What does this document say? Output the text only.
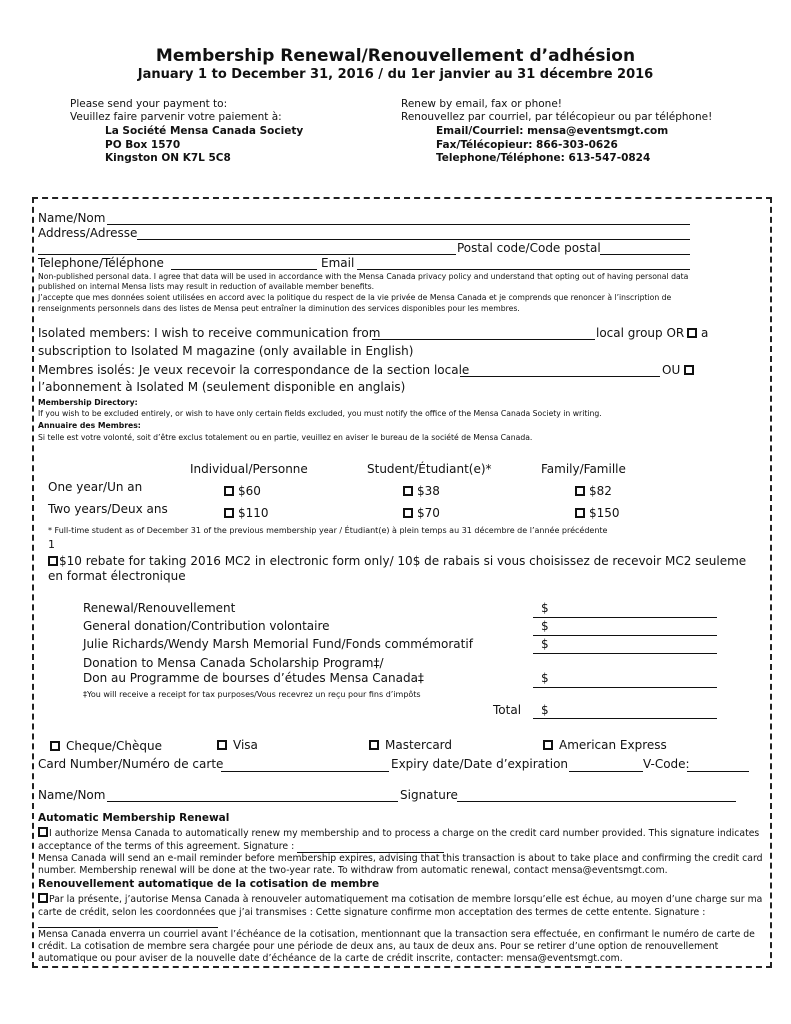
Membership Renewal/Renouvellement d’adhésion
January 1 to December 31, 2016 / du 1er janvier au 31 décembre 2016
Please send your payment to:
Veuillez faire parvenir votre paiement à:
La Société Mensa Canada Society
PO Box 1570
Kingston ON K7L 5C8
Renew by email, fax or phone!
Renouvellez par courriel, par télécopieur ou par téléphone!
Email/Courriel: mensa@eventsmgt.com
Fax/Télécopieur: 866-303-0626
Telephone/Téléphone: 613-547-0824
Name/Nom
Address/Adresse
Postal code/Code postal
Telephone/Téléphone	Email
Non-published personal data. I agree that data will be used in accordance with the Mensa Canada privacy policy and understand that opting out of having personal data
published on internal Mensa lists may result in reduction of available member benefits.
J’accepte que mes données soient utilisées en accord avec la politique du respect de la vie privée de Mensa Canada et je comprends que renoncer à l’inscription de
renseignments personnels dans des listes de Mensa peut entraîner la diminution des services disponibles pour les membres.
Isolated members: I wish to receive communication from	local group OR	a
subscription to Isolated M magazine (only available in English)
Membres isolés: Je veux recevoir la correspondance de la section locale	OU
l’abonnement à Isolated M (seulement disponible en anglais)
Membership Directory:
If you wish to be excluded entirely, or wish to have only certain fields excluded, you must notify the office of the Mensa Canada Society in writing.
Annuaire des Membres:
Si telle est votre volonté, soit d’être exclus totalement ou en partie, veuillez en aviser le bureau de la société de Mensa Canada.
Individual/Personne	Student/Étudiant(e)*	Family/Famille
One year/Un an	$60	$38	$82
Two years/Deux ans	$110	$70	$150
* Full-time student as of December 31 of the previous membership year / Étudiant(e) à plein temps au 31 décembre de l’année précédente
1
$10 rebate for taking 2016 MC2 in electronic form only/ 10$ de rabais si vous choisissez de recevoir MC2 seuleme
en format électronique
Renewal/Renouvellement	$
General donation/Contribution volontaire	$
Julie Richards/Wendy Marsh Memorial Fund/Fonds commémoratif	$
Donation to Mensa Canada Scholarship Program‡/
Don au Programme de bourses d’études Mensa Canada‡	$
‡You will receive a receipt for tax purposes/Vous recevrez un reçu pour fins d’impôts
Total $
Cheque/Chèque	Visa	Mastercard	American Express
Card Number/Numéro de carte	Expiry date/Date d’expiration	V-Code:
Name/Nom	Signature
Automatic Membership Renewal
I authorize Mensa Canada to automatically renew my membership and to process a charge on the credit card number provided. This signature indicates
acceptance of the terms of this agreement. Signature :
Mensa Canada will send an e-mail reminder before membership expires, advising that this transaction is about to take place and confirming the credit card
number. Membership renewal will be done at the two-year rate. To withdraw from automatic renewal, contact mensa@eventsmgt.com.
Renouvellement automatique de la cotisation de membre
Par la présente, j’autorise Mensa Canada à renouveler automatiquement ma cotisation de membre lorsqu’elle est échue, au moyen d’une charge sur ma
carte de crédit, selon les coordonnées que j’ai transmises : Cette signature confirme mon acceptation des termes de cette entente. Signature :
Mensa Canada enverra un courriel avant l’échéance de la cotisation, mentionnant que la transaction sera effectuée, en confirmant le numéro de carte de
crédit. La cotisation de membre sera chargée pour une période de deux ans, au taux de deux ans. Pour se retirer d’une option de renouvellement
automatique ou pour aviser de la nouvelle date d’échéance de la carte de crédit inscrite, contacter: mensa@eventsmgt.com.
